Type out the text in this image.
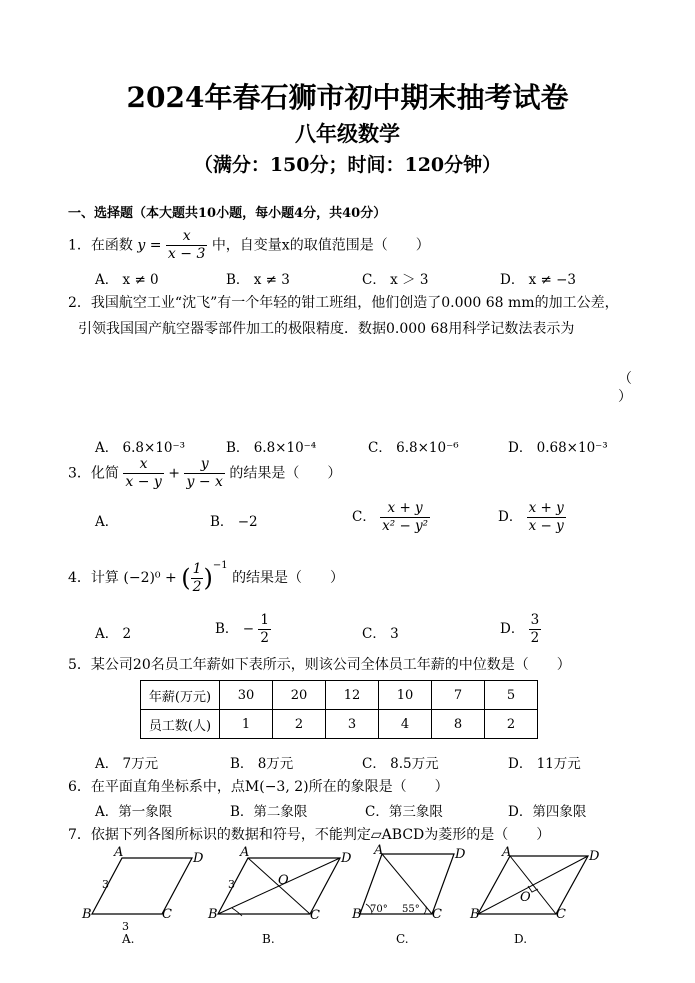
2024年春石狮市初中期末抽考试卷
八年级数学
（满分：150分；时间：120分钟）
一、选择题（本大题共10小题，每小题4分，共40分）
1．在函数 $y = \frac{x}{x - 3}$ 中，自变量x的取值范围是（　　）
A． x ≠ 0	B． x ≠ 3	C． x ＞ 3	D． x ≠ −3
2．我国航空工业“沈飞”有一个年轻的钳工班组，他们创造了0.000 68 mm的加工公差，
引领我国国产航空器零部件加工的极限精度．数据0.000 68用科学记数法表示为
（
）
A． 6.8×10⁻³	B． 6.8×10⁻⁴	C． 6.8×10⁻⁶	D． 0.68×10⁻³
3．化简 $\frac{x}{x - y} + \frac{y}{y - x}$ 的结果是（　　）
A．	B． −2	C． $\frac{x + y}{\text{x² − y²}}$	D． $\frac{x + y}{x - y}$
4．计算 (−2)⁰ + ( $\frac{1}{2} )^{-1}$ 的结果是（　　）
A． 2	B． − $\frac{1}{2}$	C． 3	D． $\frac{3}{2}$
5．某公司20名员工年薪如下表所示，则该公司全体员工年薪的中位数是（　　）
年薪(万元)	30	20	12	10	7	5
员工数(人)	1	2	3	4	8	2
A． 7万元	B． 8万元	C． 8.5万元	D． 11万元
6．在平面直角坐标系中，点M(−3, 2)所在的象限是（　　）
A．第一象限	B．第二象限	C．第三象限	D．第四象限
7．依据下列各图所标识的数据和符号，不能判定▱ABCD为菱形的是（　　）
A	D
B	C
3
3
A.
A	D
B	C
O
3
B.
A	D
B	C
70° 55°
C.
A	D
B	C
O
D.
